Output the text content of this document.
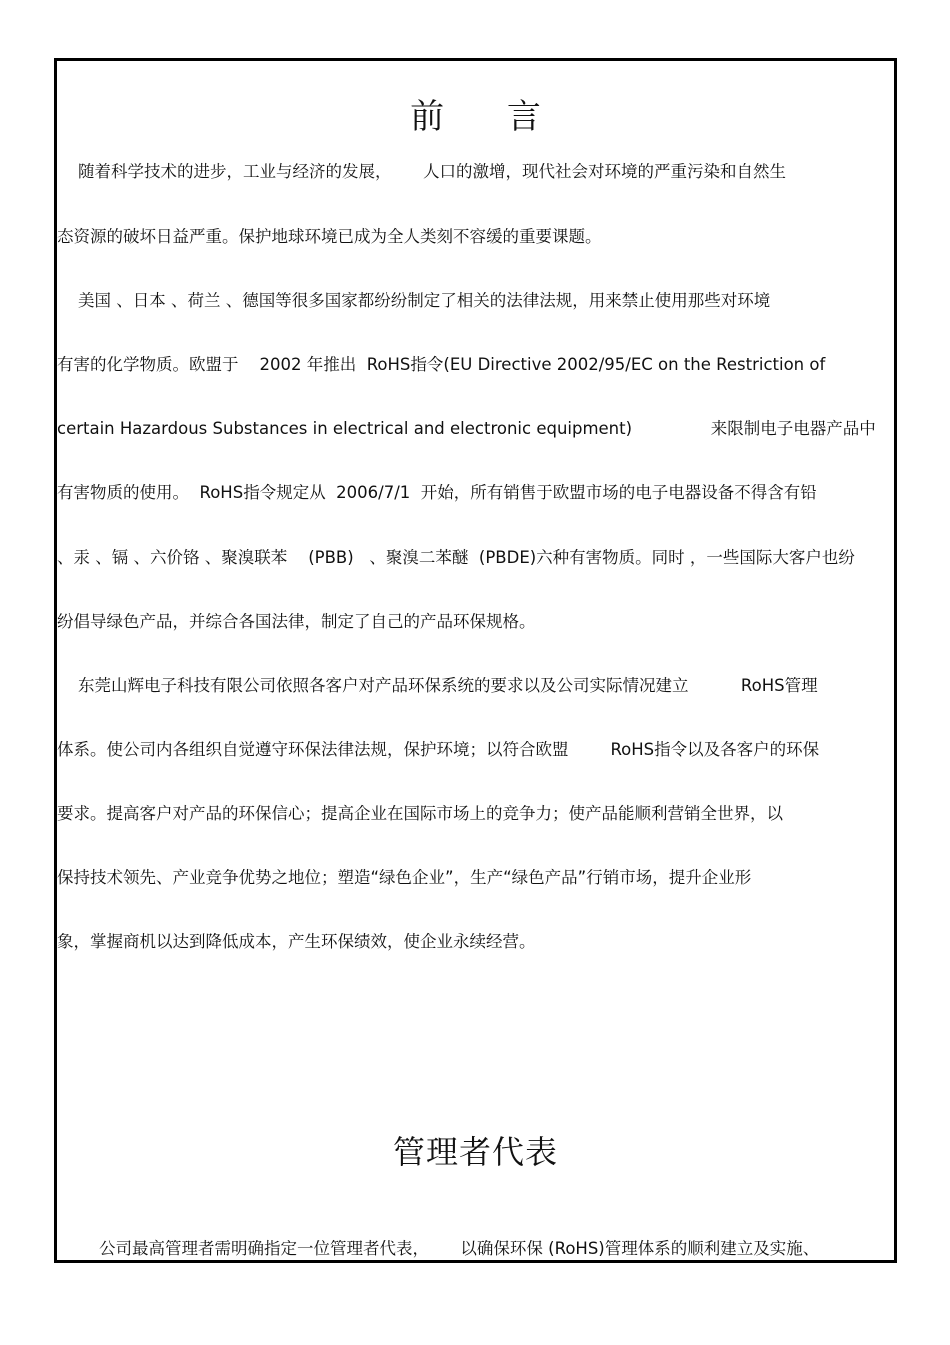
前 言
随着科学技术的进步，工业与经济的发展，      人口的激增，现代社会对环境的严重污染和自然生
态资源的破坏日益严重。保护地球环境已成为全人类刻不容缓的重要课题。
美国 、日本 、荷兰 、德国等很多国家都纷纷制定了相关的法律法规，用来禁止使用那些对环境
有害的化学物质。欧盟于    2002 年推出  RoHS指令(EU Directive 2002/95/EC on the Restriction of
certain Hazardous Substances in electrical and electronic equipment)               来限制电子电器产品中
有害物质的使用。  RoHS指令规定从  2006/7/1  开始，所有销售于欧盟市场的电子电器设备不得含有铅
、汞 、镉 、六价铬 、聚溴联苯    (PBB)   、聚溴二苯醚  (PBDE)六种有害物质。同时 ，一些国际大客户也纷
纷倡导绿色产品，并综合各国法律，制定了自己的产品环保规格。
东莞山辉电子科技有限公司依照各客户对产品环保系统的要求以及公司实际情况建立          RoHS管理
体系。使公司内各组织自觉遵守环保法律法规，保护环境；以符合欧盟        RoHS指令以及各客户的环保
要求。提高客户对产品的环保信心；提高企业在国际市场上的竞争力；使产品能顺利营销全世界，以
保持技术领先、产业竞争优势之地位；塑造“绿色企业”，生产“绿色产品”行销市场，提升企业形
象，掌握商机以达到降低成本，产生环保绩效，使企业永续经营。
管理者代表
公司最高管理者需明确指定一位管理者代表，      以确保环保 (RoHS)管理体系的顺利建立及实施、
